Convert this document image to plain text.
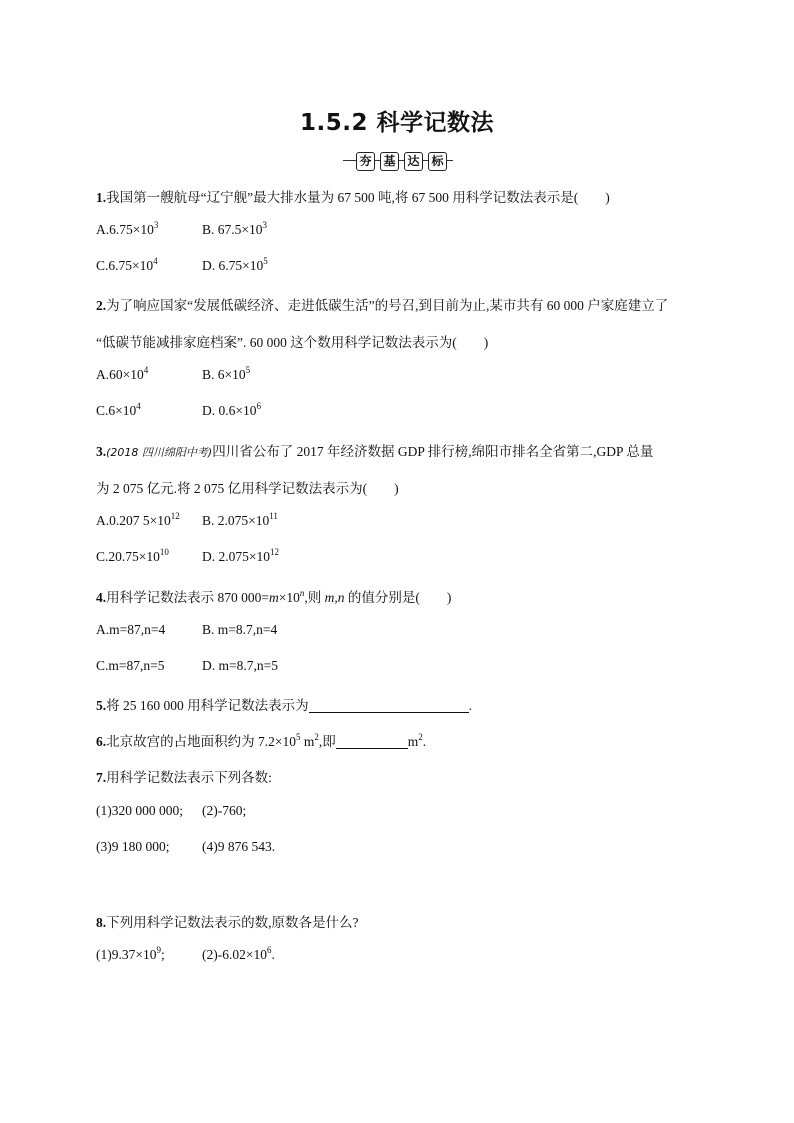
1.5.2 科学记数法
夯 基 达 标
1.我国第一艘航母“辽宁舰”最大排水量为 67 500 吨,将 67 500 用科学记数法表示是(　　)
$A.6.75\times 10^3$	B. $67.5\times 10^3$
$C.6.75\times 10^4$	D. $6.75\times 10^5$
2.为了响应国家“发展低碳经济、走进低碳生活”的号召,到目前为止,某市共有 60 000 户家庭建立了
“低碳节能减排家庭档案”. 60 000 这个数用科学记数法表示为(　　)
$A.60\times 10^4$	B. $6\times 10^5$
$C.6\times 10^4$	D. $0.6\times 10^6$
3.(2018 四川绵阳中考)四川省公布了 2017 年经济数据 GDP 排行榜,绵阳市排名全省第二,GDP 总量
为 2 075 亿元.将 2 075 亿用科学记数法表示为(　　)
A.0.207 $5\times 10^{12}$ B. $2.075\times 10^{11}$
$C.20.75\times 10^{10}$ D. $2.075\times 10^{12}$
4.用科学记数法表示 870 $000=m\times 10^n$,则 m,n 的值分别是(　　)
A.m=87,n=4	B. m=8.7,n=4
C.m=87,n=5	D. m=8.7,n=5
5.将 25 160 000 用科学记数法表示为	.
6.北京故宫的占地面积约为 $7.2\times 10^5$ $m^2$,即	$m^2$.
7.用科学记数法表示下列各数:
(1)320 000 000; (2)-760;
(3)9 180 000; (4)9 876 543.
8.下列用科学记数法表示的数,原数各是什么?
$(1)9.37\times 10^9$;	$(2)-6.02\times 10^6$.
